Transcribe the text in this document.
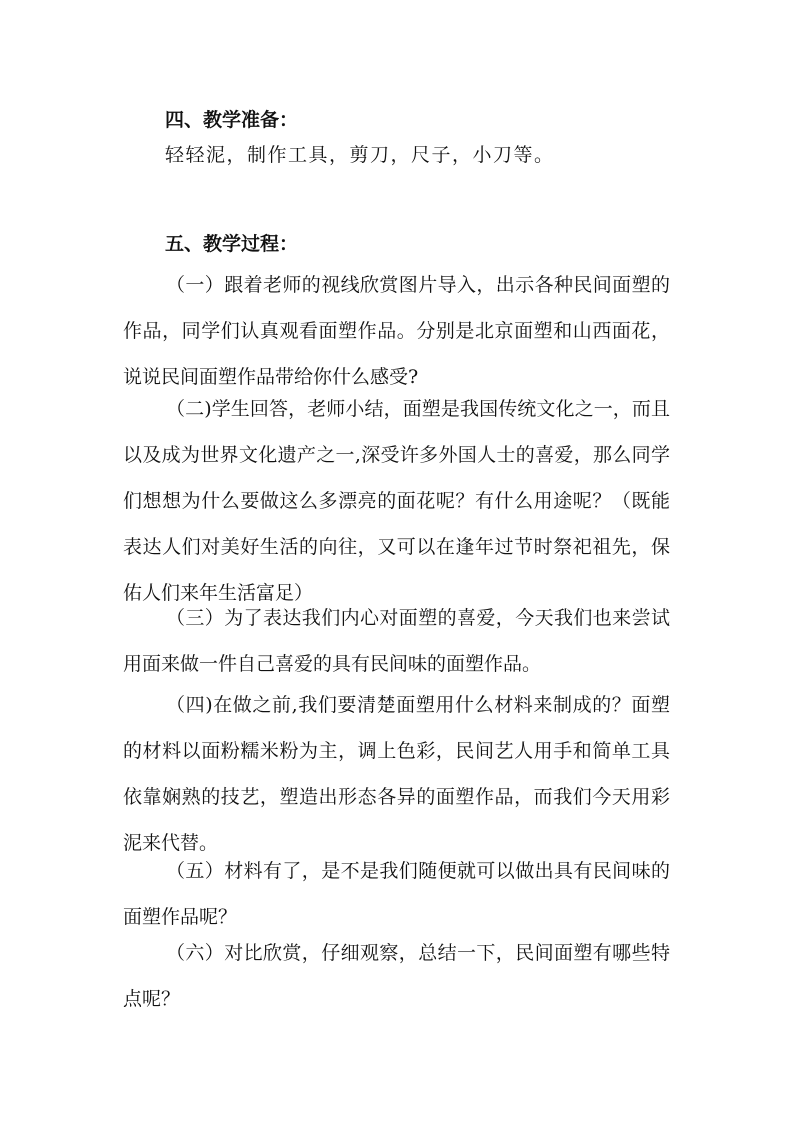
四、教学准备：
轻轻泥，制作工具，剪刀，尺子，小刀等。
五、教学过程：
（一）跟着老师的视线欣赏图片导入，出示各种民间面塑的作品，同学们认真观看面塑作品。分别是北京面塑和山西面花，说说民间面塑作品带给你什么感受?
（二)学生回答，老师小结，面塑是我国传统文化之一，而且以及成为世界文化遗产之一,深受许多外国人士的喜爱，那么同学们想想为什么要做这么多漂亮的面花呢？有什么用途呢？（既能表达人们对美好生活的向往，又可以在逢年过节时祭祀祖先，保佑人们来年生活富足）
（三）为了表达我们内心对面塑的喜爱，今天我们也来尝试用面来做一件自己喜爱的具有民间味的面塑作品。
（四)在做之前,我们要清楚面塑用什么材料来制成的？面塑的材料以面粉糯米粉为主，调上色彩，民间艺人用手和简单工具依靠娴熟的技艺，塑造出形态各异的面塑作品，而我们今天用彩泥来代替。
（五）材料有了，是不是我们随便就可以做出具有民间味的面塑作品呢？
（六）对比欣赏，仔细观察，总结一下，民间面塑有哪些特点呢？
